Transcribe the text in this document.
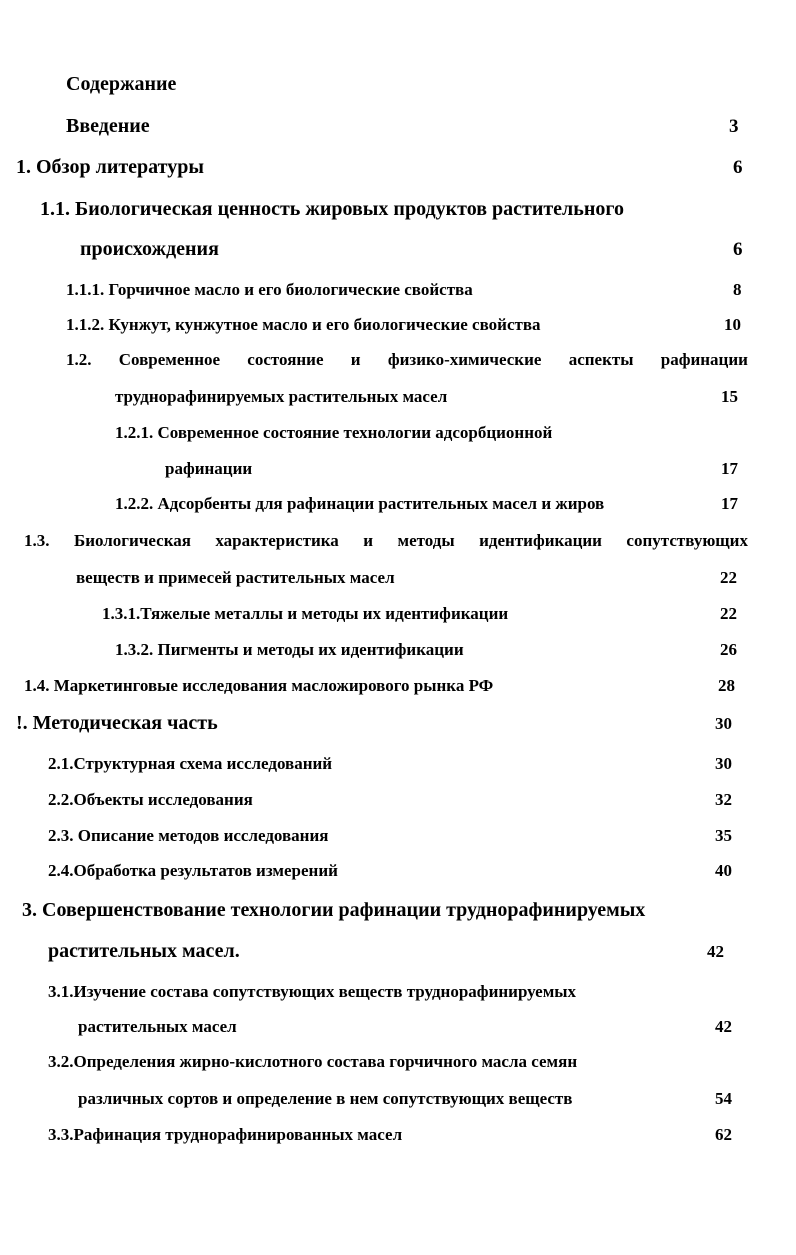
Содержание
Введение	3
1. Обзор литературы	6
1.1. Биологическая ценность жировых продуктов растительного
происхождения	6
1.1.1. Горчичное масло и его биологические свойства	8
1.1.2. Кунжут, кунжутное масло и его биологические свойства	10
1.2. Современное состояние и физико-химические аспекты рафинации
труднорафинируемых растительных масел	15
1.2.1. Современное состояние технологии адсорбционной
рафинации	17
1.2.2. Адсорбенты для рафинации растительных масел и жиров	17
1.3. Биологическая характеристика и методы идентификации сопутствующих
веществ и примесей растительных масел	22
1.3.1.Тяжелые металлы и методы их идентификации	22
1.3.2. Пигменты и методы их идентификации	26
1.4. Маркетинговые исследования масложирового рынка РФ	28
!. Методическая часть	30
2.1.Структурная схема исследований	30
2.2.Объекты исследования	32
2.3. Описание методов исследования	35
2.4.Обработка результатов измерений	40
3. Совершенствование технологии рафинации труднорафинируемых
растительных масел.	42
3.1.Изучение состава сопутствующих веществ труднорафинируемых
растительных масел	42
3.2.Определения жирно-кислотного состава горчичного масла семян
различных сортов и определение в нем сопутствующих веществ	54
3.3.Рафинация труднорафинированных масел	62
